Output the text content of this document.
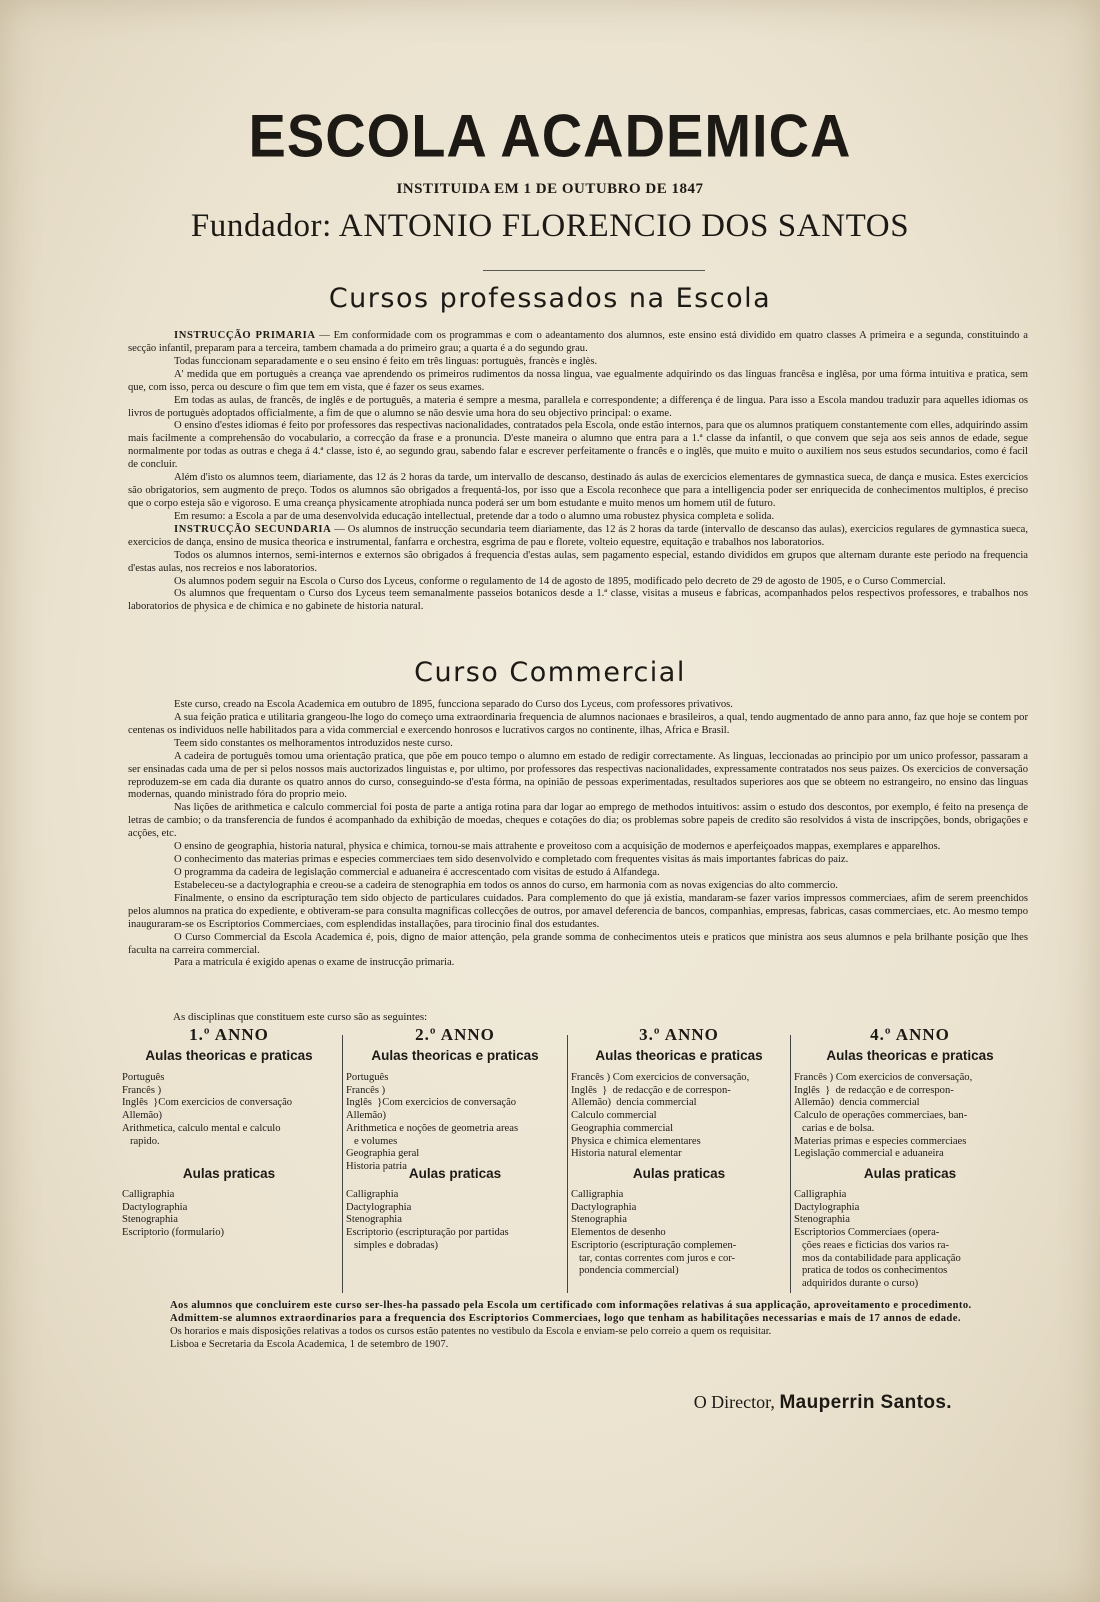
ESCOLA ACADEMICA
INSTITUIDA EM 1 DE OUTUBRO DE 1847
Fundador: ANTONIO FLORENCIO DOS SANTOS
Cursos professados na Escola

INSTRUCÇÃO PRIMARIA — Em conformidade com os programmas e com o adeantamento dos alumnos, este ensino está dividido em quatro classes A primeira e a segunda, constituindo a secção infantil, preparam para a terceira, tambem chamada a do primeiro grau; a quarta é a do segundo grau.

Todas funccionam separadamente e o seu ensino é feito em três linguas: portuguès, francès e inglès.

A' medida que em portuguès a creança vae aprendendo os primeiros rudimentos da nossa lingua, vae egualmente adquirindo os das linguas francêsa e inglêsa, por uma fórma intuitiva e pratica, sem que, com isso, perca ou descure o fim que tem em vista, que é fazer os seus exames.

Em todas as aulas, de francês, de inglês e de português, a materia é sempre a mesma, parallela e correspondente; a differença é de lingua. Para isso a Escola mandou traduzir para aquelles idiomas os livros de portuguès adoptados officialmente, a fim de que o alumno se não desvie uma hora do seu objectivo principal: o exame.

O ensino d'estes idiomas é feito por professores das respectivas nacionalidades, contratados pela Escola, onde estão internos, para que os alumnos pratiquem constantemente com elles, adquirindo assim mais facilmente a comprehensão do vocabulario, a correcção da frase e a pronuncia. D'este maneira o alumno que entra para a 1.ª classe da infantil, o que convem que seja aos seis annos de edade, segue normalmente por todas as outras e chega á 4.ª classe, isto é, ao segundo grau, sabendo falar e escrever perfeitamente o francês e o inglês, que muito e muito o auxiliem nos seus estudos secundarios, como é facil de concluir.

Além d'isto os alumnos teem, diariamente, das 12 ás 2 horas da tarde, um intervallo de descanso, destinado ás aulas de exercicios elementares de gymnastica sueca, de dança e musica. Estes exercicios são obrigatorios, sem augmento de preço. Todos os alumnos são obrigados a frequentá-los, por isso que a Escola reconhece que para a intelligencia poder ser enriquecida de conhecimentos multiplos, é preciso que o corpo esteja são e vigoroso. E uma creança physicamente atrophiada nunca poderá ser um bom estudante e muito menos um homem util de futuro.

Em resumo: a Escola a par de uma desenvolvida educação intellectual, pretende dar a todo o alumno uma robustez physica completa e solida.

INSTRUCÇÃO SECUNDARIA — Os alumnos de instrucção secundaria teem diariamente, das 12 ás 2 horas da tarde (intervallo de descanso das aulas), exercicios regulares de gymnastica sueca, exercicios de dança, ensino de musica theorica e instrumental, fanfarra e orchestra, esgrima de pau e florete, volteio equestre, equitação e trabalhos nos laboratorios.

Todos os alumnos internos, semi-internos e externos são obrigados á frequencia d'estas aulas, sem pagamento especial, estando divididos em grupos que alternam durante este periodo na frequencia d'estas aulas, nos recreios e nos laboratorios.

Os alumnos podem seguir na Escola o Curso dos Lyceus, conforme o regulamento de 14 de agosto de 1895, modificado pelo decreto de 29 de agosto de 1905, e o Curso Commercial.

Os alumnos que frequentam o Curso dos Lyceus teem semanalmente passeios botanicos desde a 1.ª classe, visitas a museus e fabricas, acompanhados pelos respectivos professores, e trabalhos nos laboratorios de physica e de chimica e no gabinete de historia natural.

Curso Commercial

Este curso, creado na Escola Academica em outubro de 1895, funcciona separado do Curso dos Lyceus, com professores privativos.

A sua feição pratica e utilitaria grangeou-lhe logo do começo uma extraordinaria frequencia de alumnos nacionaes e brasileiros, a qual, tendo augmentado de anno para anno, faz que hoje se contem por centenas os individuos nelle habilitados para a vida commercial e exercendo honrosos e lucrativos cargos no continente, ilhas, Africa e Brasil.

Teem sido constantes os melhoramentos introduzidos neste curso.

A cadeira de português tomou uma orientação pratica, que põe em pouco tempo o alumno em estado de redigir correctamente. As linguas, leccionadas ao principio por um unico professor, passaram a ser ensinadas cada uma de per si pelos nossos mais auctorizados linguistas e, por ultimo, por professores das respectivas nacionalidades, expressamente contratados nos seus paizes. Os exercicios de conversação reproduzem-se em cada dia durante os quatro annos do curso, conseguindo-se d'esta fórma, na opinião de pessoas experimentadas, resultados superiores aos que se obteem no estrangeiro, no ensino das linguas modernas, quando ministrado fóra do proprio meio.

Nas lições de arithmetica e calculo commercial foi posta de parte a antiga rotina para dar logar ao emprego de methodos intuitivos: assim o estudo dos descontos, por exemplo, é feito na presença de letras de cambio; o da transferencia de fundos é acompanhado da exhibição de moedas, cheques e cotações do dia; os problemas sobre papeis de credito são resolvidos á vista de inscripções, bonds, obrigações e acções, etc.

O ensino de geographia, historia natural, physica e chimica, tornou-se mais attrahente e proveitoso com a acquisição de modernos e aperfeiçoados mappas, exemplares e apparelhos.

O conhecimento das materias primas e especies commerciaes tem sido desenvolvido e completado com frequentes visitas ás mais importantes fabricas do paiz.

O programma da cadeira de legislação commercial e aduaneira é accrescentado com visitas de estudo á Alfandega.

Estabeleceu-se a dactylographia e creou-se a cadeira de stenographia em todos os annos do curso, em harmonia com as novas exigencias do alto commercio.

Finalmente, o ensino da escripturação tem sido objecto de particulares cuidados. Para complemento do que já existia, mandaram-se fazer varios impressos commerciaes, afim de serem preenchidos pelos alumnos na pratica do expediente, e obtiveram-se para consulta magnificas collecções de outros, por amavel deferencia de bancos, companhias, empresas, fabricas, casas commerciaes, etc. Ao mesmo tempo inauguraram-se os Escriptorios Commerciaes, com esplendidas installações, para tirocinio final dos estudantes.

O Curso Commercial da Escola Academica é, pois, digno de maior attenção, pela grande somma de conhecimentos uteis e praticos que ministra aos seus alumnos e pela brilhante posição que lhes faculta na carreira commercial.

Para a matricula é exigido apenas o exame de instrucção primaria.

As disciplinas que constituem este curso são as seguintes:
1.º ANNO
Aulas theoricas e praticas
Português
Francês )
Inglês  }Com exercicios de conversação
Allemão)
Arithmetica, calculo mental e calculo
rapido.
Aulas praticas
Calligraphia
Dactylographia
Stenographia
Escriptorio (formulario)
2.º ANNO
Aulas theoricas e praticas
Português
Francês )
Inglês  }Com exercicios de conversação
Allemão)
Arithmetica e noções de geometria areas
e volumes
Geographia geral
Historia patria Aulas praticas
Calligraphia
Dactylographia
Stenographia
Escriptorio (escripturação por partidas
simples e dobradas)
3.º ANNO
Aulas theoricas e praticas
Francês ) Com exercicios de conversação,
Inglês  }  de redacção e de correspon-
Allemão)  dencia commercial
Calculo commercial
Geographia commercial
Physica e chimica elementares
Historia natural elementar
Aulas praticas
Calligraphia
Dactylographia
Stenographia
Elementos de desenho
Escriptorio (escripturação complemen-
tar, contas correntes com juros e cor-
pondencia commercial)
4.º ANNO
Aulas theoricas e praticas
Francês ) Com exercicios de conversação,
Inglês  }  de redacção e de correspon-
Allemão)  dencia commercial
Calculo de operações commerciaes, ban-
carias e de bolsa.
Materias primas e especies commerciaes
Legislação commercial e aduaneira
Aulas praticas
Calligraphia
Dactylographia
Stenographia
Escriptorios Commerciaes (opera-
ções reaes e ficticias dos varios ra-
mos da contabilidade para applicação
pratica de todos os conhecimentos
adquiridos durante o curso)

Aos alumnos que concluirem este curso ser-lhes-ha passado pela Escola um certificado com informações relativas á sua applicação, aproveitamento e procedimento.

Admittem-se alumnos extraordinarios para a frequencia dos Escriptorios Commerciaes, logo que tenham as habilitações necessarias e mais de 17 annos de edade.

Os horarios e mais disposições relativas a todos os cursos estão patentes no vestibulo da Escola e enviam-se pelo correio a quem os requisitar.

Lisboa e Secretaria da Escola Academica, 1 de setembro de 1907.

O Director, Mauperrin Santos.
